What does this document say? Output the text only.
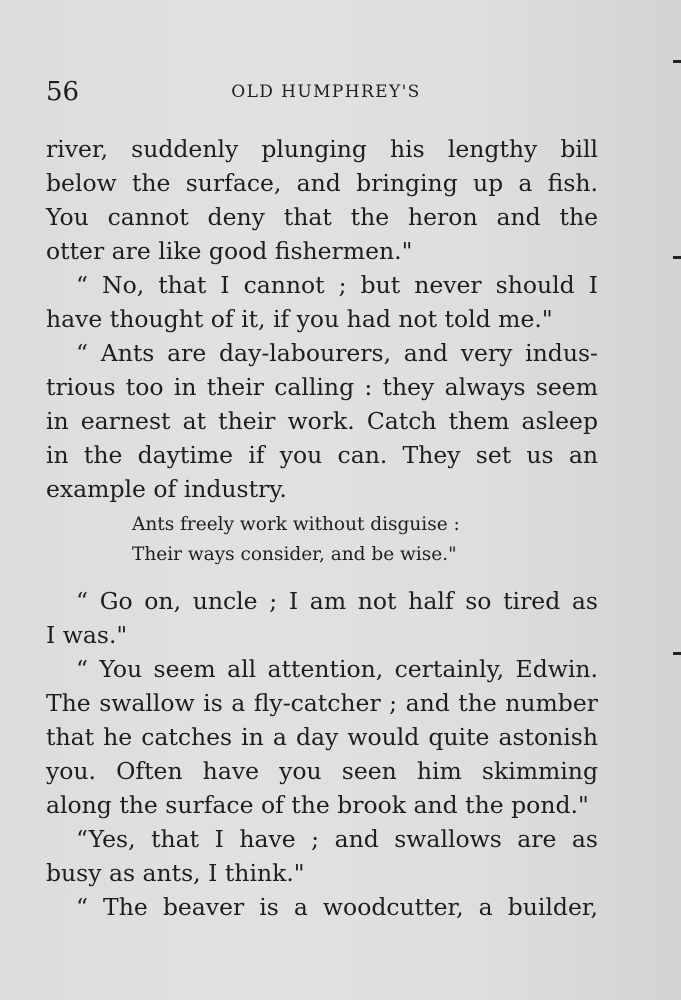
56	OLD HUMPHREY'S
river, suddenly plunging his lengthy bill
below the surface, and bringing up a fish.
You cannot deny that the heron and the
otter are like good fishermen."
“ No, that I cannot ; but never should I
have thought of it, if you had not told me."
“ Ants are day-labourers, and very indus-
trious too in their calling : they always seem
in earnest at their work. Catch them asleep
in the daytime if you can. They set us an
example of industry.
Ants freely work without disguise :
Their ways consider, and be wise."
“ Go on, uncle ; I am not half so tired as
I was."
“ You seem all attention, certainly, Edwin.
The swallow is a fly-catcher ; and the number
that he catches in a day would quite astonish
you. Often have you seen him skimming
along the surface of the brook and the pond."
“Yes, that I have ; and swallows are as
busy as ants, I think."
“ The beaver is a woodcutter, a builder,
